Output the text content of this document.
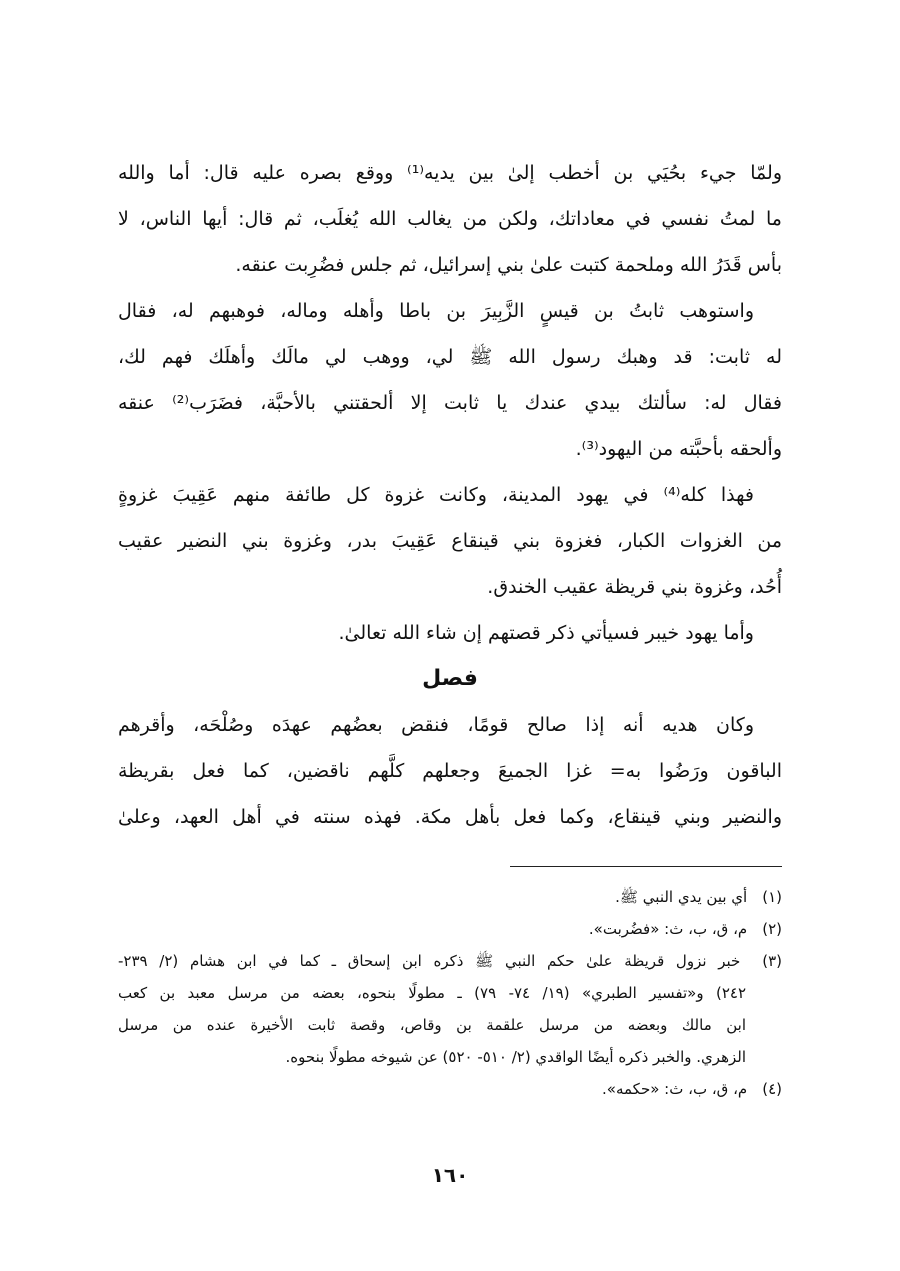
ولمّا جيء بحُيَي بن أخطب إلىٰ بين يديه⁽¹⁾ ووقع بصره عليه قال: أما والله
ما لمتُ نفسي في معاداتك، ولكن من يغالب الله يُغلَب، ثم قال: أيها الناس، لا
بأس قَدَرُ الله وملحمة كتبت علىٰ بني إسرائيل، ثم جلس فضُرِبت عنقه.
واستوهب ثابتُ بن قيسٍ الزَّبِيرَ بن باطا وأهله وماله، فوهبهم له، فقال
له ثابت: قد وهبك رسول الله ﷺ لي، ووهب لي مالَك وأهلَك فهم لك،
فقال له: سألتك بيدي عندك يا ثابت إلا ألحقتني بالأحبَّة، فضَرَب⁽²⁾ عنقه
وألحقه بأحبَّته من اليهود⁽³⁾.
فهذا كله⁽⁴⁾ في يهود المدينة، وكانت غزوة كل طائفة منهم عَقِيبَ غزوةٍ
من الغزوات الكبار، فغزوة بني قينقاع عَقِيبَ بدر، وغزوة بني النضير عقيب
أُحُد، وغزوة بني قريظة عقيب الخندق.
وأما يهود خيبر فسيأتي ذكر قصتهم إن شاء الله تعالىٰ.
فصل
وكان هديه أنه إذا صالح قومًا، فنقض بعضُهم عهدَه وصُلْحَه، وأقرهم
الباقون ورَضُوا به= غزا الجميعَ وجعلهم كلَّهم ناقضين، كما فعل بقريظة
والنضير وبني قينقاع، وكما فعل بأهل مكة. فهذه سنته في أهل العهد، وعلىٰ
(١) أي بين يدي النبي ﷺ.
(٢) م، ق، ب، ث: «فضُربت».
(٣) خبر نزول قريظة علىٰ حكم النبي ﷺ ذكره ابن إسحاق ـ كما في ابن هشام (٢/ ٢٣٩-
٢٤٢) و«تفسير الطبري» (١٩/ ٧٤- ٧٩) ـ مطولًا بنحوه، بعضه من مرسل معبد بن كعب
ابن مالك وبعضه من مرسل علقمة بن وقاص، وقصة ثابت الأخيرة عنده من مرسل
الزهري. والخبر ذكره أيضًا الواقدي (٢/ ٥١٠- ٥٢٠) عن شيوخه مطولًا بنحوه.
(٤) م، ق، ب، ث: «حكمه».
١٦٠
